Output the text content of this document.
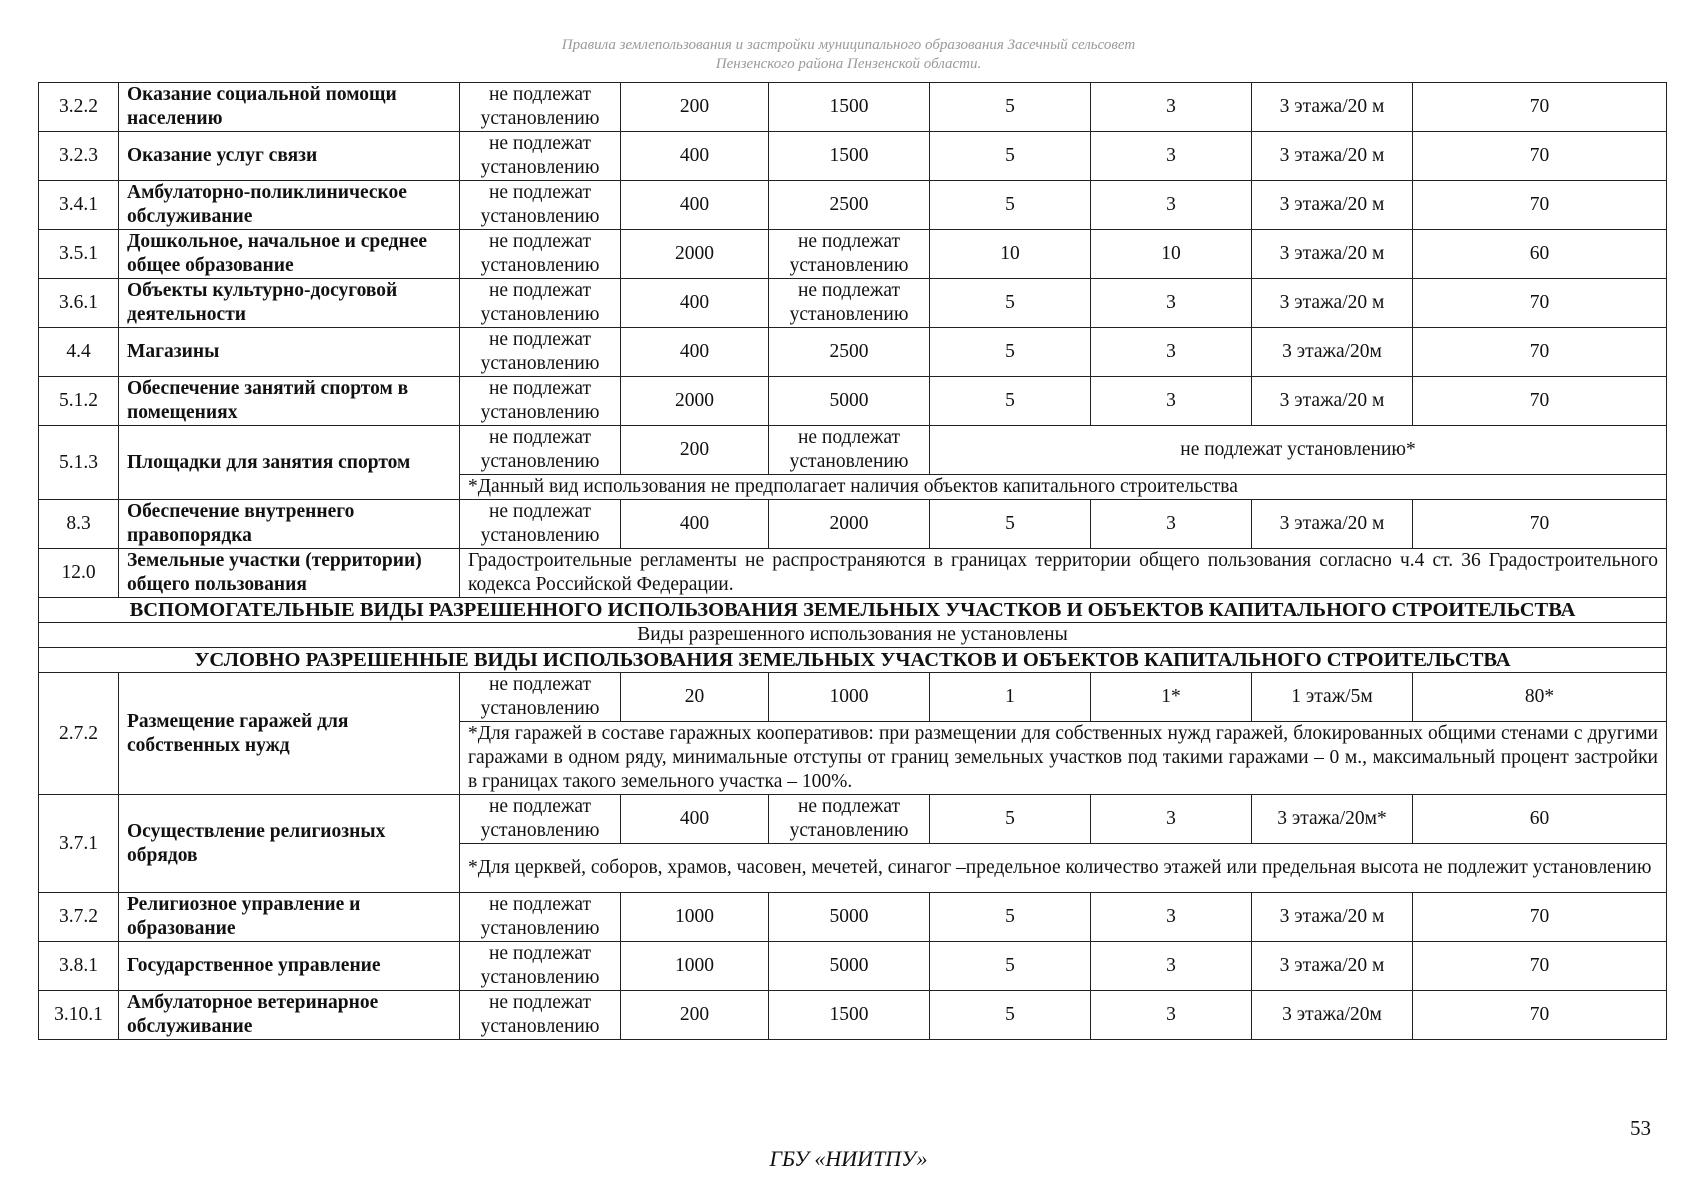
Правила землепользования и застройки муниципального образования Засечный сельсовет
Пензенского района Пензенской области.
3.2.2	Оказание социальной помощи населению	не подлежат установлению	200	1500	5	3	3 этажа/20 м	70
3.2.3	Оказание услуг связи	не подлежат установлению	400	1500	5	3	3 этажа/20 м	70
3.4.1	Амбулаторно-поликлиническое обслуживание	не подлежат установлению	400	2500	5	3	3 этажа/20 м	70
3.5.1	Дошкольное, начальное и среднее общее образование	не подлежат установлению	2000	не подлежат установлению	10	10	3 этажа/20 м	60
3.6.1	Объекты культурно-досуговой деятельности	не подлежат установлению	400	не подлежат установлению	5	3	3 этажа/20 м	70
4.4	Магазины	не подлежат установлению	400	2500	5	3	3 этажа/20м	70
5.1.2	Обеспечение занятий спортом в помещениях	не подлежат установлению	2000	5000	5	3	3 этажа/20 м	70
5.1.3	Площадки для занятия спортом	не подлежат установлению	200	не подлежат установлению	не подлежат установлению*			
		*Данный вид использования не предполагает наличия объектов капитального строительства						
8.3	Обеспечение внутреннего правопорядка	не подлежат установлению	400	2000	5	3	3 этажа/20 м	70
12.0	Земельные участки (территории) общего пользования	Градостроительные регламенты не распространяются в границах территории общего пользования согласно ч.4 ст. 36 Градостроительного кодекса Российской Федерации.						
ВСПОМОГАТЕЛЬНЫЕ ВИДЫ РАЗРЕШЕННОГО ИСПОЛЬЗОВАНИЯ ЗЕМЕЛЬНЫХ УЧАСТКОВ И ОБЪЕКТОВ КАПИТАЛЬНОГО СТРОИТЕЛЬСТВА								
Виды разрешенного использования не установлены								
УСЛОВНО РАЗРЕШЕННЫЕ ВИДЫ ИСПОЛЬЗОВАНИЯ ЗЕМЕЛЬНЫХ УЧАСТКОВ И ОБЪЕКТОВ КАПИТАЛЬНОГО СТРОИТЕЛЬСТВА								
2.7.2	Размещение гаражей для собственных нужд	не подлежат установлению	20	1000	1	1*	1 этаж/5м	80*
		*Для гаражей в составе гаражных кооперативов: при размещении для собственных нужд гаражей, блокированных общими стенами с другими гаражами в одном ряду, минимальные отступы от границ земельных участков под такими гаражами – 0 м., максимальный процент застройки в границах такого земельного участка – 100%.						
3.7.1	Осуществление религиозных обрядов	не подлежат установлению	400	не подлежат установлению	5	3	3 этажа/20м*	60
		*Для церквей, соборов, храмов, часовен, мечетей, синагог –предельное количество этажей или предельная высота не подлежит установлению						
3.7.2	Религиозное управление и образование	не подлежат установлению	1000	5000	5	3	3 этажа/20 м	70
3.8.1	Государственное управление	не подлежат установлению	1000	5000	5	3	3 этажа/20 м	70
3.10.1	Амбулаторное ветеринарное обслуживание	не подлежат установлению	200	1500	5	3	3 этажа/20м	70
53
ГБУ «НИИТПУ»
